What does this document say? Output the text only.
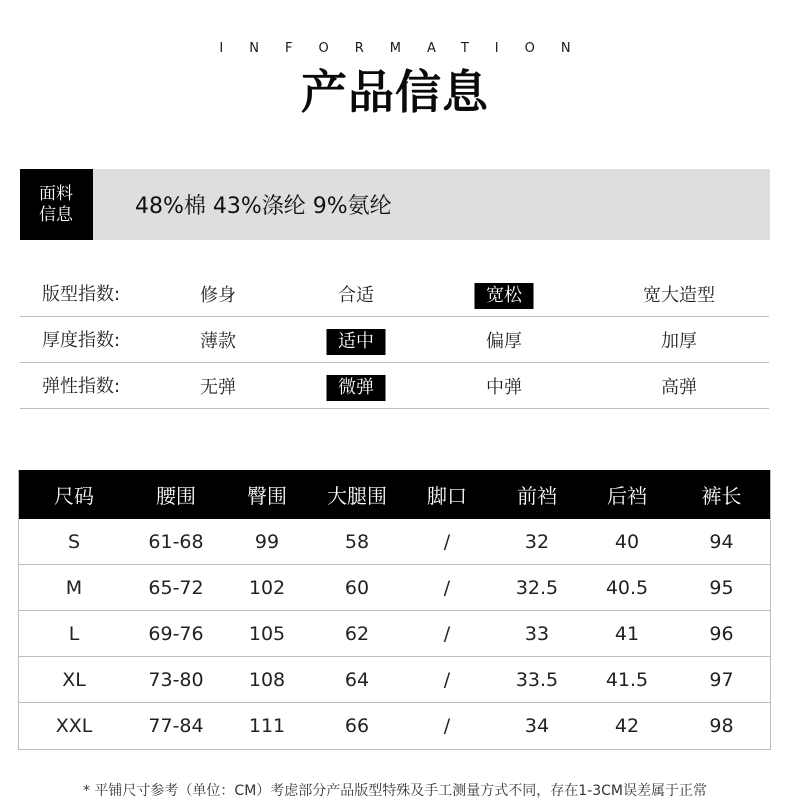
INFORMATION
产品信息
面料
信息	48%棉 43%涤纶 9%氨纶
版型指数:	修身	合适	宽松	宽大造型
厚度指数:	薄款	适中	偏厚	加厚
弹性指数:	无弹	微弹	中弹	高弹
尺码	腰围	臀围	大腿围	脚口	前裆	后裆	裤长
S	61-68	99	58	/	32	40	94
M	65-72	102	60	/	32.5	40.5	95
L	69-76	105	62	/	33	41	96
XL	73-80	108	64	/	33.5	41.5	97
XXL	77-84	111	66	/	34	42	98
* 平铺尺寸参考（单位：CM）考虑部分产品版型特殊及手工测量方式不同，存在1-3CM误差属于正常
